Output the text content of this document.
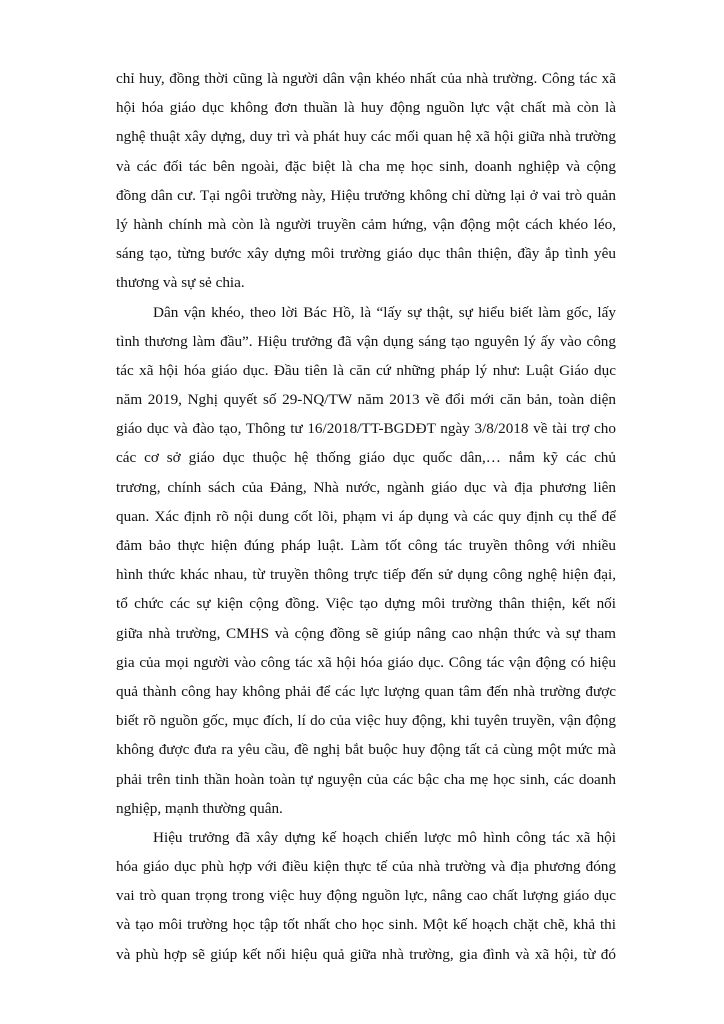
chỉ huy, đồng thời cũng là người dân vận khéo nhất của nhà trường. Công tác xã
hội hóa giáo dục không đơn thuần là huy động nguồn lực vật chất mà còn là
nghệ thuật xây dựng, duy trì và phát huy các mối quan hệ xã hội giữa nhà trường
và các đối tác bên ngoài, đặc biệt là cha mẹ học sinh, doanh nghiệp và cộng
đồng dân cư. Tại ngôi trường này, Hiệu trưởng không chỉ dừng lại ở vai trò quản
lý hành chính mà còn là người truyền cảm hứng, vận động một cách khéo léo,
sáng tạo, từng bước xây dựng môi trường giáo dục thân thiện, đầy ắp tình yêu
thương và sự sẻ chia.
Dân vận khéo, theo lời Bác Hồ, là “lấy sự thật, sự hiểu biết làm gốc, lấy
tình thương làm đầu”. Hiệu trưởng đã vận dụng sáng tạo nguyên lý ấy vào công
tác xã hội hóa giáo dục. Đầu tiên là căn cứ những pháp lý như: Luật Giáo dục
năm 2019, Nghị quyết số 29-NQ/TW năm 2013 về đổi mới căn bản, toàn diện
giáo dục và đào tạo, Thông tư 16/2018/TT-BGDĐT ngày 3/8/2018 về tài trợ cho
các cơ sở giáo dục thuộc hệ thống giáo dục quốc dân,… nắm kỹ các chủ
trương, chính sách của Đảng, Nhà nước, ngành giáo dục và địa phương liên
quan. Xác định rõ nội dung cốt lõi, phạm vi áp dụng và các quy định cụ thể để
đảm bảo thực hiện đúng pháp luật. Làm tốt công tác truyền thông với nhiều
hình thức khác nhau, từ truyền thông trực tiếp đến sử dụng công nghệ hiện đại,
tổ chức các sự kiện cộng đồng. Việc tạo dựng môi trường thân thiện, kết nối
giữa nhà trường, CMHS và cộng đồng sẽ giúp nâng cao nhận thức và sự tham
gia của mọi người vào công tác xã hội hóa giáo dục. Công tác vận động có hiệu
quả thành công hay không phải để các lực lượng quan tâm đến nhà trường được
biết rõ nguồn gốc, mục đích, lí do của việc huy động, khi tuyên truyền, vận động
không được đưa ra yêu cầu, đề nghị bắt buộc huy động tất cả cùng một mức mà
phải trên tinh thần hoàn toàn tự nguyện của các bậc cha mẹ học sinh, các doanh
nghiệp, mạnh thường quân.
Hiệu trưởng đã xây dựng kế hoạch chiến lược mô hình công tác xã hội
hóa giáo dục phù hợp với điều kiện thực tế của nhà trường và địa phương đóng
vai trò quan trọng trong việc huy động nguồn lực, nâng cao chất lượng giáo dục
và tạo môi trường học tập tốt nhất cho học sinh. Một kế hoạch chặt chẽ, khả thi
và phù hợp sẽ giúp kết nối hiệu quả giữa nhà trường, gia đình và xã hội, từ đó
